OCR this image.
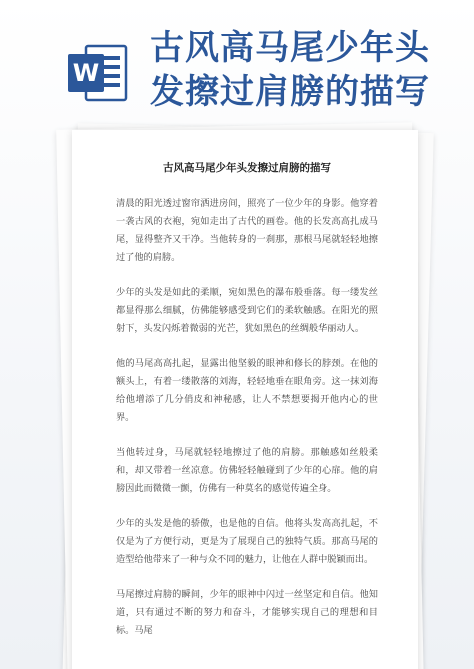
W
古风高马尾少年头
发擦过肩膀的描写
古风高马尾少年头发擦过肩膀的描写

清晨的阳光透过窗帘洒进房间，照亮了一位少年的身影。他穿着一袭古风的衣袍，宛如走出了古代的画卷。他的长发高高扎成马尾，显得整齐又干净。当他转身的一刹那，那根马尾就轻轻地擦过了他的肩膀。

少年的头发是如此的柔顺，宛如黑色的瀑布般垂落。每一缕发丝都显得那么细腻，仿佛能够感受到它们的柔软触感。在阳光的照射下，头发闪烁着微弱的光芒，犹如黑色的丝绸般华丽动人。

他的马尾高高扎起，显露出他坚毅的眼神和修长的脖颈。在他的额头上，有着一缕散落的刘海，轻轻地垂在眼角旁。这一抹刘海给他增添了几分俏皮和神秘感，让人不禁想要揭开他内心的世界。

当他转过身，马尾就轻轻地擦过了他的肩膀。那触感如丝般柔和，却又带着一丝凉意。仿佛轻轻触碰到了少年的心扉。他的肩膀因此而微微一颤，仿佛有一种莫名的感觉传遍全身。

少年的头发是他的骄傲，也是他的自信。他将头发高高扎起，不仅是为了方便行动，更是为了展现自己的独特气质。那高马尾的造型给他带来了一种与众不同的魅力，让他在人群中脱颖而出。

马尾擦过肩膀的瞬间，少年的眼神中闪过一丝坚定和自信。他知道，只有通过不断的努力和奋斗，才能够实现自己的理想和目标。马尾
